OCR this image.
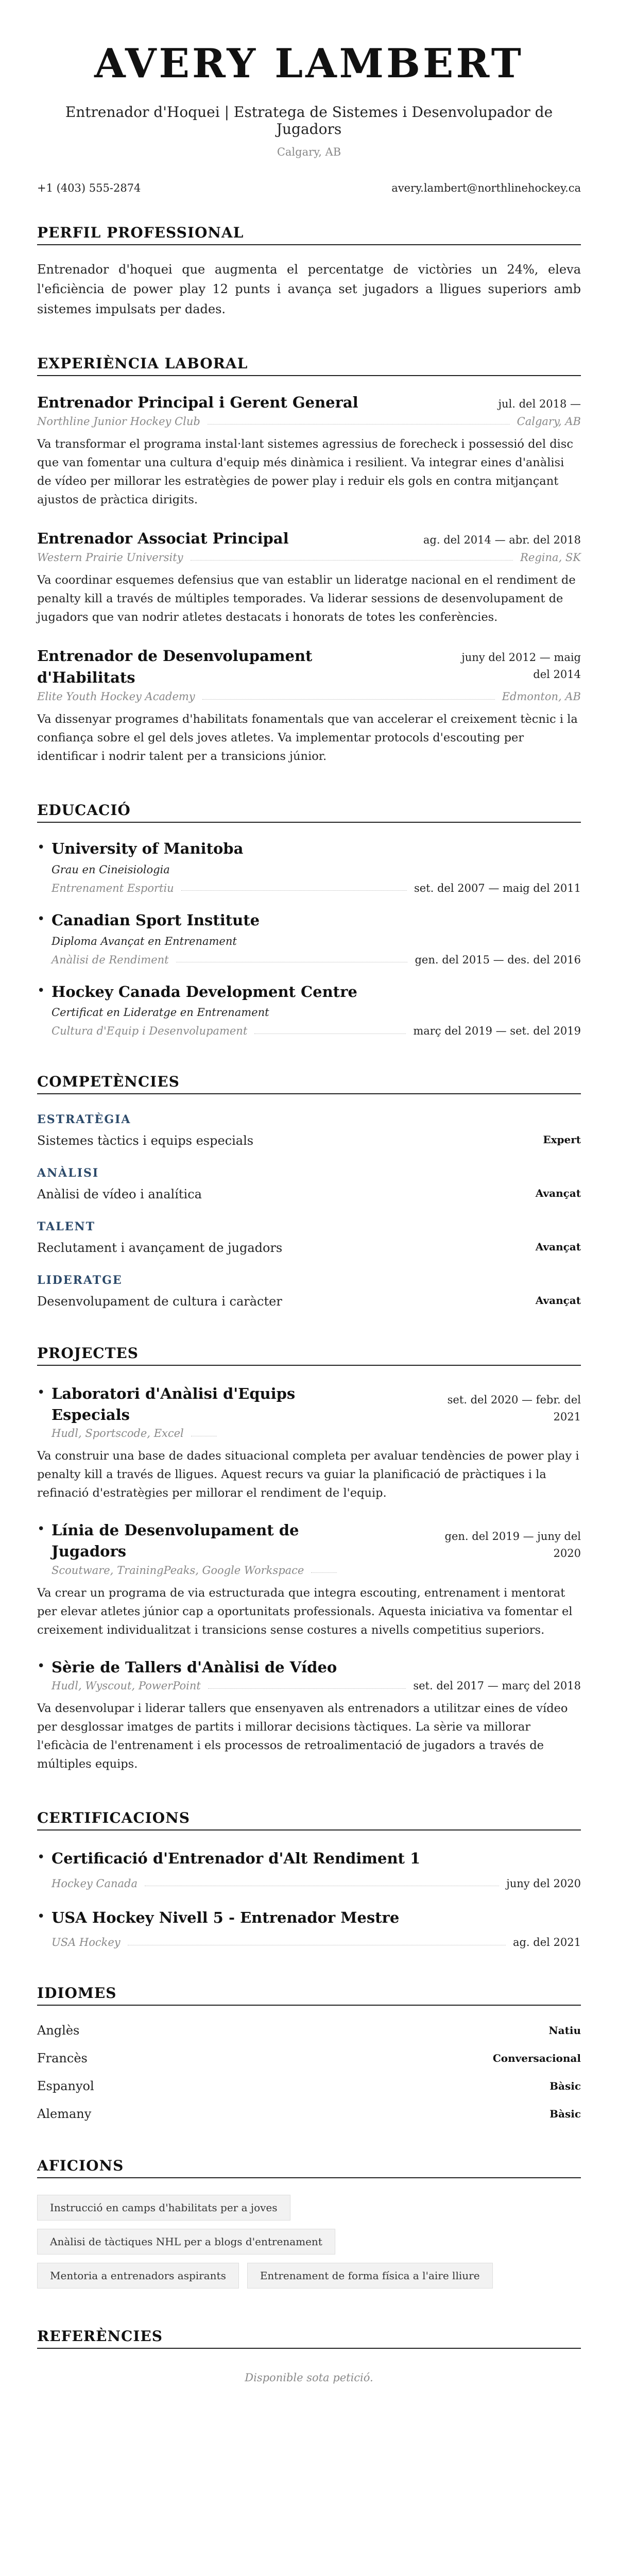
AVERY LAMBERT
Entrenador d'Hoquei | Estratega de Sistemes i Desenvolupador de Jugadors
Calgary, AB
+1 (403) 555-2874	avery.lambert@northlinehockey.ca
PERFIL PROFESSIONAL
Entrenador d'hoquei que augmenta el percentatge de victòries un 24%, eleva l'eficiència de power play 12 punts i avança set jugadors a lligues superiors amb sistemes impulsats per dades.
EXPERIÈNCIA LABORAL
Entrenador Principal i Gerent General	jul. del 2018 —
Northline Junior Hockey Club	Calgary, AB
Va transformar el programa instal·lant sistemes agressius de forecheck i possessió del disc que van fomentar una cultura d'equip més dinàmica i resilient. Va integrar eines d'anàlisi de vídeo per millorar les estratègies de power play i reduir els gols en contra mitjançant ajustos de pràctica dirigits.
Entrenador Associat Principal	ag. del 2014 — abr. del 2018
Western Prairie University	Regina, SK
Va coordinar esquemes defensius que van establir un lideratge nacional en el rendiment de penalty kill a través de múltiples temporades. Va liderar sessions de desenvolupament de jugadors que van nodrir atletes destacats i honorats de totes les conferències.
Entrenador de Desenvolupament d'Habilitats
juny del 2012 — maig del 2014
Elite Youth Hockey Academy	Edmonton, AB
Va dissenyar programes d'habilitats fonamentals que van accelerar el creixement tècnic i la confiança sobre el gel dels joves atletes. Va implementar protocols d'escouting per identificar i nodrir talent per a transicions júnior.
EDUCACIÓ
• University of Manitoba
Grau en Cineisiologia
Entrenament Esportiu	set. del 2007 — maig del 2011
• Canadian Sport Institute
Diploma Avançat en Entrenament
Anàlisi de Rendiment	gen. del 2015 — des. del 2016
• Hockey Canada Development Centre
Certificat en Lideratge en Entrenament
Cultura d'Equip i Desenvolupament	març del 2019 — set. del 2019
COMPETÈNCIES
ESTRATÈGIA
Sistemes tàctics i equips especials	Expert
ANÀLISI
Anàlisi de vídeo i analítica	Avançat
TALENT
Reclutament i avançament de jugadors	Avançat
LIDERATGE
Desenvolupament de cultura i caràcter	Avançat
PROJECTES
• Laboratori d'Anàlisi d'Equips Especials
set. del 2020 — febr. del 2021
Hudl, Sportscode, Excel
Va construir una base de dades situacional completa per avaluar tendències de power play i penalty kill a través de lligues. Aquest recurs va guiar la planificació de pràctiques i la refinació d'estratègies per millorar el rendiment de l'equip.
• Línia de Desenvolupament de Jugadors
gen. del 2019 — juny del 2020
Scoutware, TrainingPeaks, Google Workspace
Va crear un programa de via estructurada que integra escouting, entrenament i mentorat per elevar atletes júnior cap a oportunitats professionals. Aquesta iniciativa va fomentar el creixement individualitzat i transicions sense costures a nivells competitius superiors.
• Sèrie de Tallers d'Anàlisi de Vídeo
Hudl, Wyscout, PowerPoint	set. del 2017 — març del 2018
Va desenvolupar i liderar tallers que ensenyaven als entrenadors a utilitzar eines de vídeo per desglossar imatges de partits i millorar decisions tàctiques. La sèrie va millorar l'eficàcia de l'entrenament i els processos de retroalimentació de jugadors a través de múltiples equips.
CERTIFICACIONS
• Certificació d'Entrenador d'Alt Rendiment 1
Hockey Canada	juny del 2020
• USA Hockey Nivell 5 - Entrenador Mestre
USA Hockey	ag. del 2021
IDIOMES
Anglès	Natiu
Francès	Conversacional
Espanyol	Bàsic
Alemany	Bàsic
AFICIONS
Instrucció en camps d'habilitats per a joves
Anàlisi de tàctiques NHL per a blogs d'entrenament
Mentoria a entrenadors aspirants	Entrenament de forma física a l'aire lliure
REFERÈNCIES
Disponible sota petició.
